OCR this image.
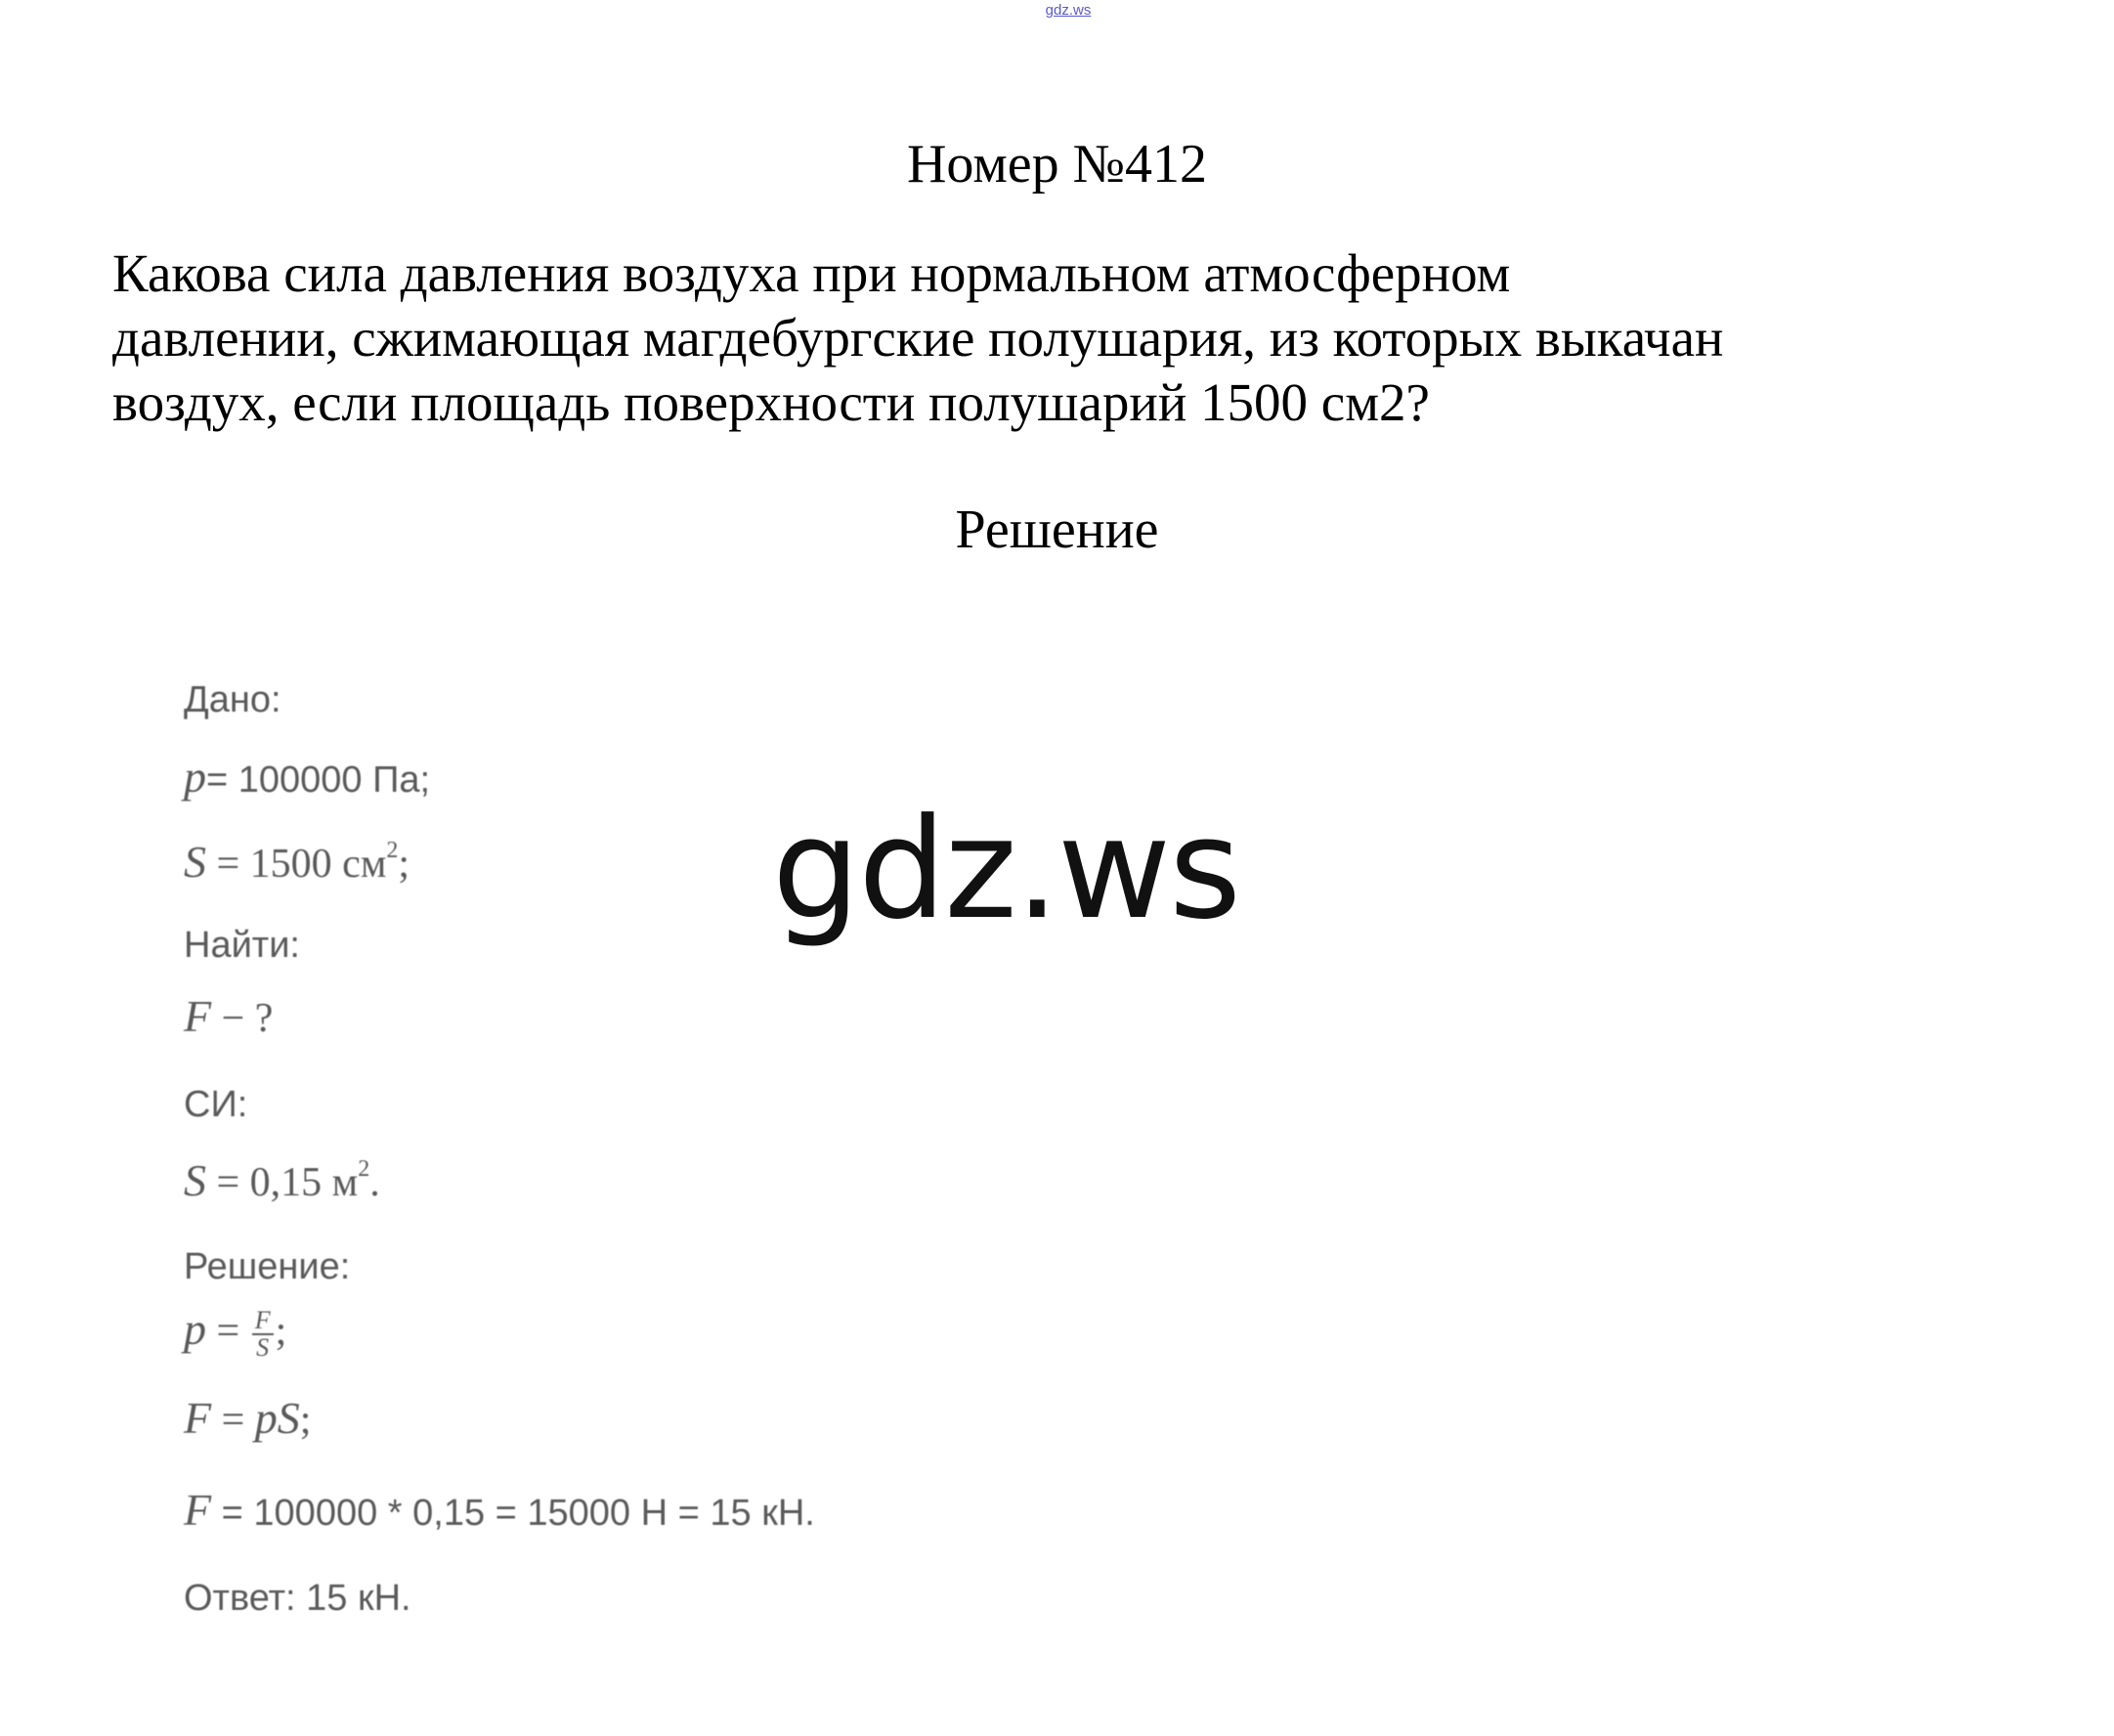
gdz.ws
Номер №412
Какова сила давления воздуха при нормальном атмосферном
давлении, сжимающая магдебургские полушария, из которых выкачан
воздух, если площадь поверхности полушарий 1500 см2?
Решение
Дано:
p= 100000 Па;
S = 1500 $см^2$;
Найти:
F − ?
СИ:
S = 0,15 $м^2$.
Решение:
$p = \frac{F}{S}$ ;
F = pS;
F = 100000 * 0,15 = 15000 Н = 15 кН.
Ответ: 15 кН.
gdz.ws
